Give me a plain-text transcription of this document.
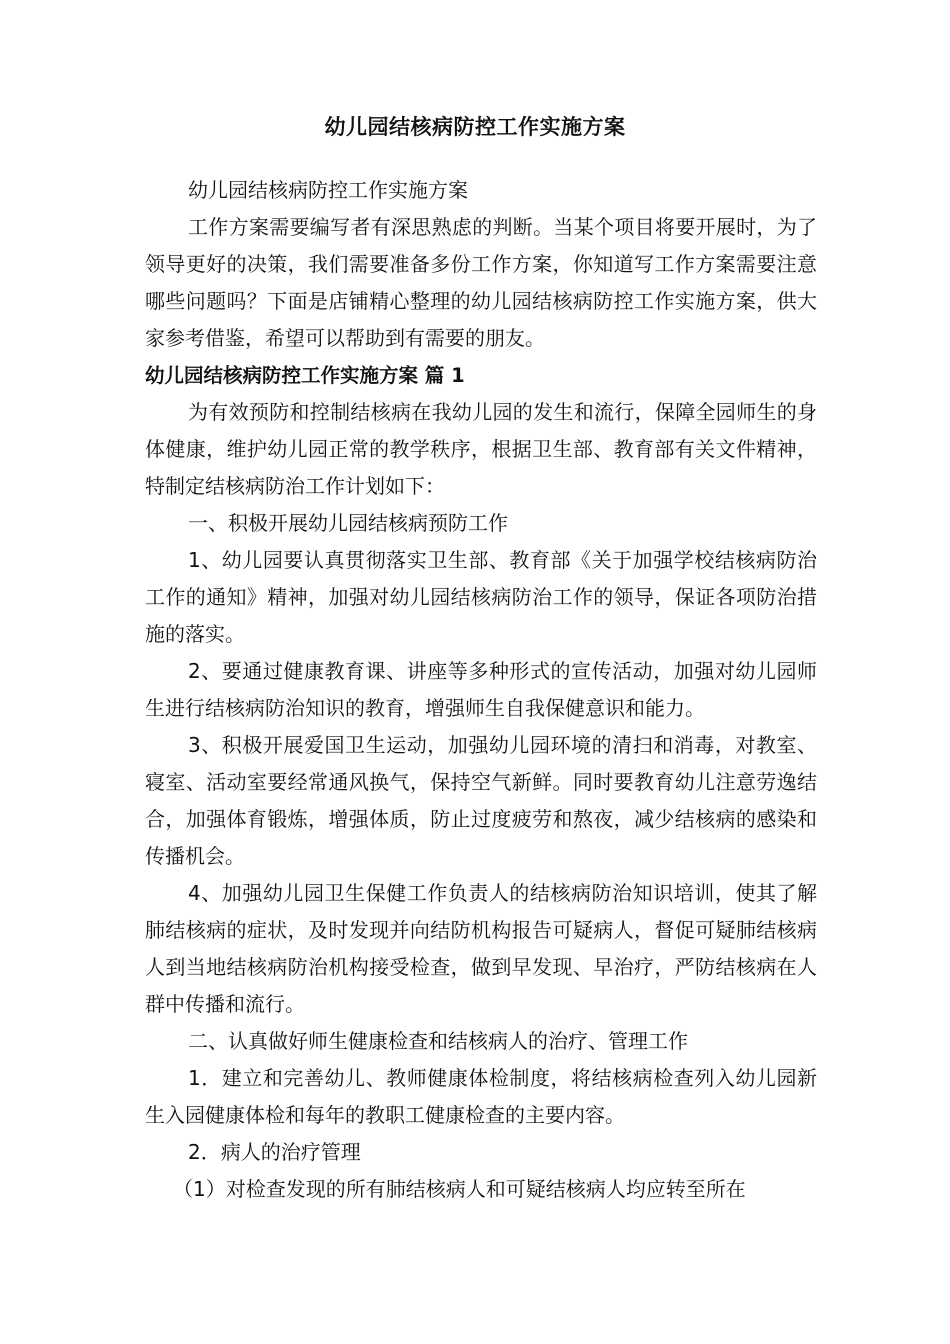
幼儿园结核病防控工作实施方案

幼儿园结核病防控工作实施方案

工作方案需要编写者有深思熟虑的判断。当某个项目将要开展时，为了领导更好的决策，我们需要准备多份工作方案，你知道写工作方案需要注意哪些问题吗？下面是店铺精心整理的幼儿园结核病防控工作实施方案，供大家参考借鉴，希望可以帮助到有需要的朋友。

幼儿园结核病防控工作实施方案 篇 1

为有效预防和控制结核病在我幼儿园的发生和流行，保障全园师生的身体健康，维护幼儿园正常的教学秩序，根据卫生部、教育部有关文件精神，特制定结核病防治工作计划如下：

一、积极开展幼儿园结核病预防工作

1、幼儿园要认真贯彻落实卫生部、教育部《关于加强学校结核病防治工作的通知》精神，加强对幼儿园结核病防治工作的领导，保证各项防治措施的落实。

2、要通过健康教育课、讲座等多种形式的宣传活动，加强对幼儿园师生进行结核病防治知识的教育，增强师生自我保健意识和能力。

3、积极开展爱国卫生运动，加强幼儿园环境的清扫和消毒，对教室、寝室、活动室要经常通风换气，保持空气新鲜。同时要教育幼儿注意劳逸结合，加强体育锻炼，增强体质，防止过度疲劳和熬夜，减少结核病的感染和传播机会。

4、加强幼儿园卫生保健工作负责人的结核病防治知识培训，使其了解肺结核病的症状，及时发现并向结防机构报告可疑病人，督促可疑肺结核病人到当地结核病防治机构接受检查，做到早发现、早治疗，严防结核病在人群中传播和流行。

二、认真做好师生健康检查和结核病人的治疗、管理工作

1．建立和完善幼儿、教师健康体检制度，将结核病检查列入幼儿园新生入园健康体检和每年的教职工健康检查的主要内容。

2．病人的治疗管理

（1）对检查发现的所有肺结核病人和可疑结核病人均应转至所在
